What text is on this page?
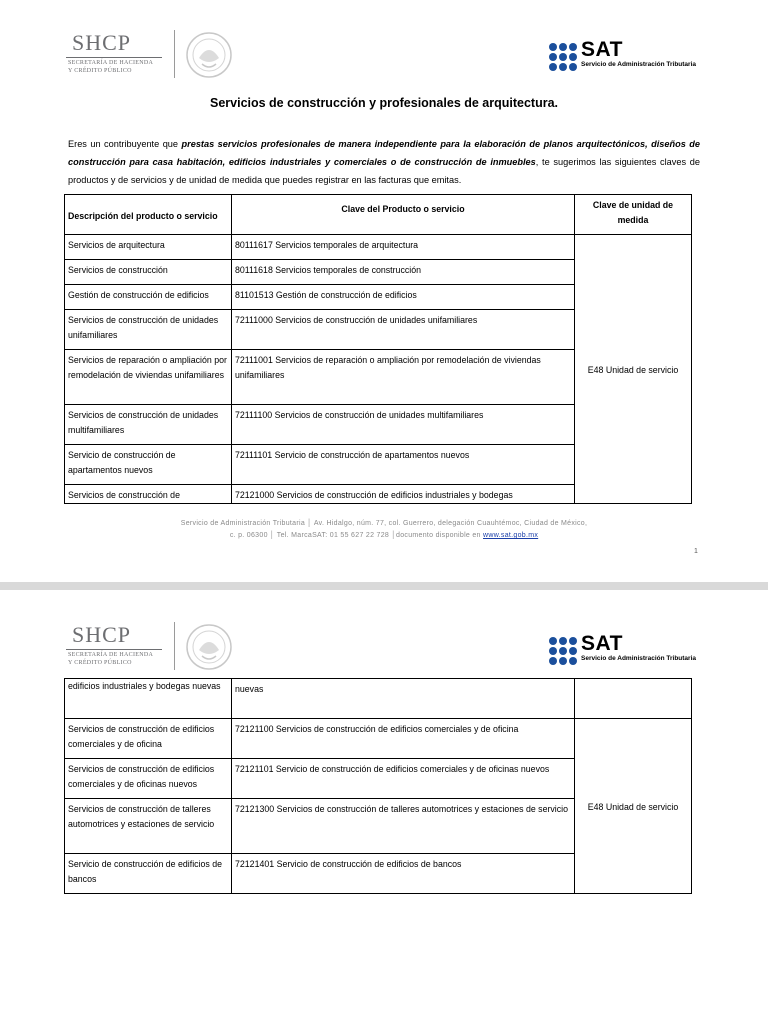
SHCP
SECRETARÍA DE HACIENDA
Y CRÉDITO PÚBLICO
SAT
Servicio de Administración Tributaria
Servicios de construcción y profesionales de arquitectura.
Eres un contribuyente que prestas servicios profesionales de manera independiente para la elaboración de planos arquitectónicos, diseños de construcción para casa habitación, edificios industriales y comerciales o de construcción de inmuebles, te sugerimos las siguientes claves de productos y de servicios y de unidad de medida que puedes registrar en las facturas que emitas.
Descripción del producto o servicio	Clave del Producto o servicio	Clave de unidad de medida
Servicios de arquitectura	80111617 Servicios temporales de arquitectura	E48 Unidad de servicio
Servicios de construcción	80111618 Servicios temporales de construcción	
Gestión de construcción de edificios	81101513 Gestión de construcción de edificios	
Servicios de construcción de unidades unifamiliares	72111000 Servicios de construcción de unidades unifamiliares	
Servicios de reparación o ampliación por remodelación de viviendas unifamiliares	72111001 Servicios de reparación o ampliación por remodelación de viviendas unifamiliares	
Servicios de construcción de unidades multifamiliares	72111100 Servicios de construcción de unidades multifamiliares	
Servicio de construcción de apartamentos nuevos	72111101 Servicio de construcción de apartamentos nuevos	
Servicios de construcción de	72121000 Servicios de construcción de edificios industriales y bodegas	
Servicio de Administración Tributaria │ Av. Hidalgo, núm. 77, col. Guerrero, delegación Cuauhtémoc, Ciudad de México,
c. p. 06300 │ Tel. MarcaSAT: 01 55 627 22 728 │documento disponible en www.sat.gob.mx
1
SHCP
SECRETARÍA DE HACIENDA
Y CRÉDITO PÚBLICO
SAT
Servicio de Administración Tributaria
edificios industriales y bodegas nuevas	nuevas	
Servicios de construcción de edificios comerciales y de oficina	72121100 Servicios de construcción de edificios comerciales y de oficina	E48 Unidad de servicio
Servicios de construcción de edificios comerciales y de oficinas nuevos	72121101 Servicio de construcción de edificios comerciales y de oficinas nuevos	
Servicios de construcción de talleres automotrices y estaciones de servicio	72121300 Servicios de construcción de talleres automotrices y estaciones de servicio	
Servicio de construcción de edificios de bancos	72121401 Servicio de construcción de edificios de bancos	
